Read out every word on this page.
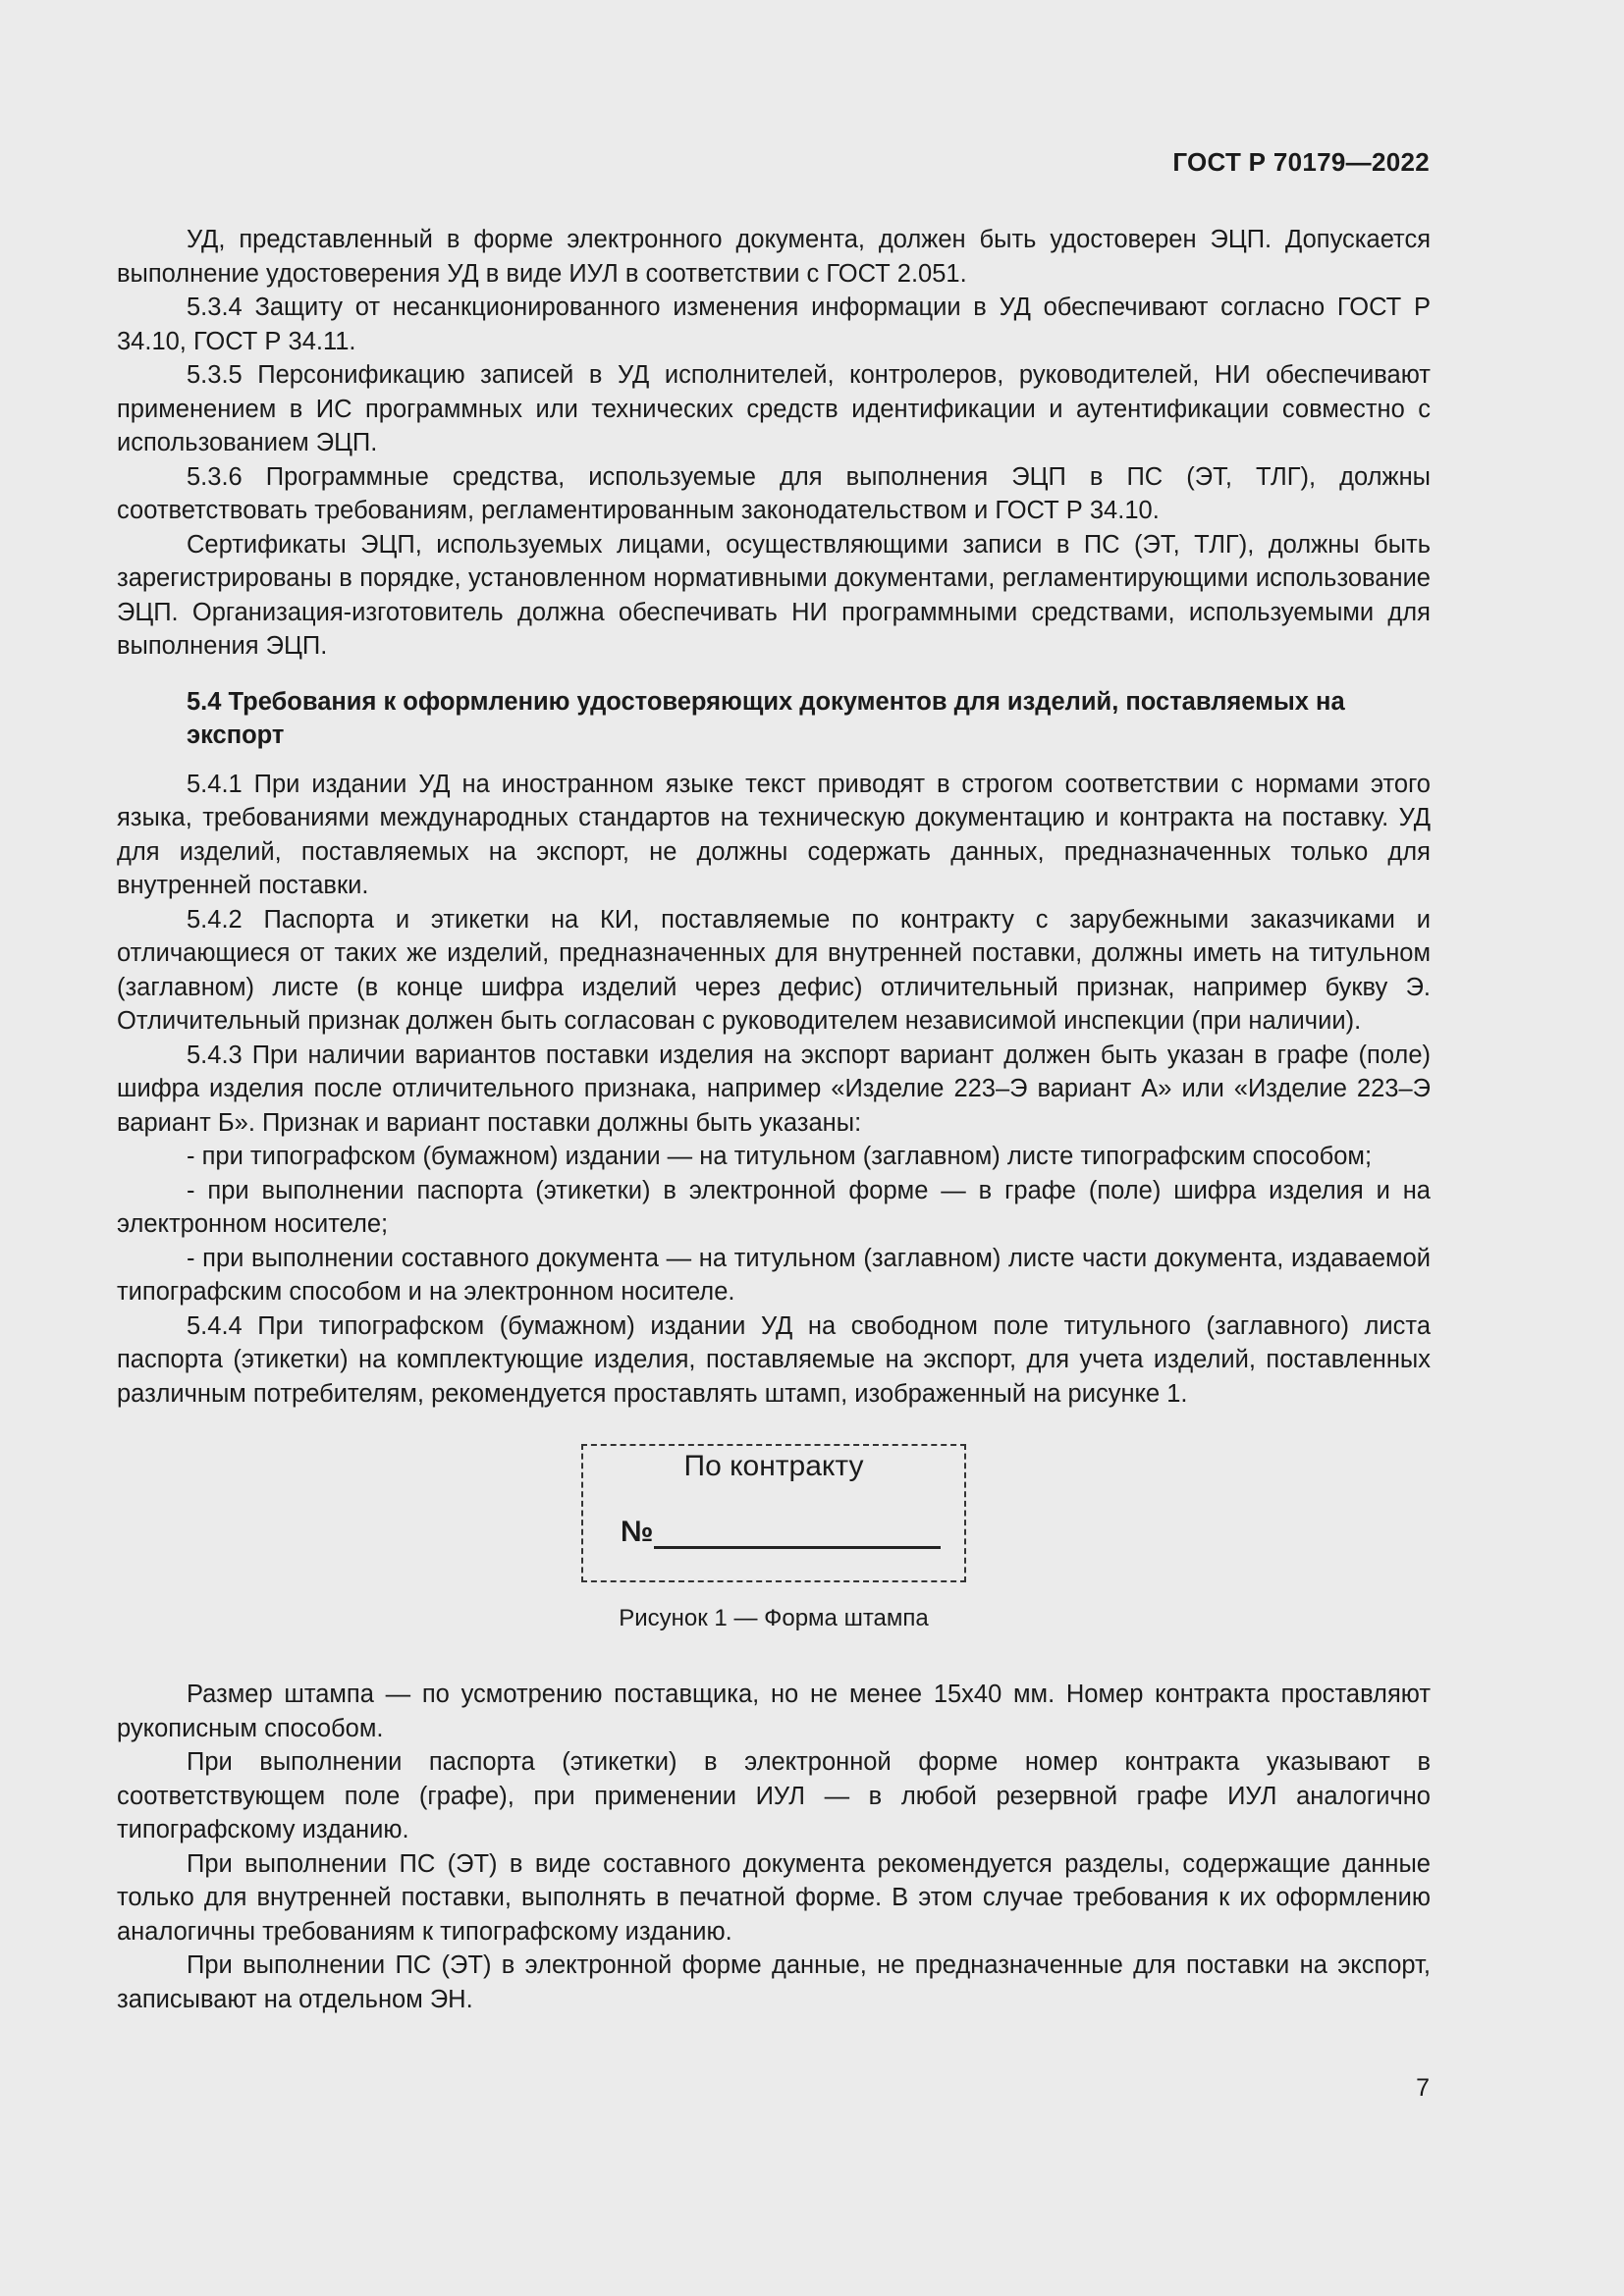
ГОСТ Р 70179—2022

УД, представленный в форме электронного документа, должен быть удостоверен ЭЦП. Допускается выполнение удостоверения УД в виде ИУЛ в соответствии с ГОСТ 2.051.

5.3.4 Защиту от несанкционированного изменения информации в УД обеспечивают согласно ГОСТ Р 34.10, ГОСТ Р 34.11.

5.3.5 Персонификацию записей в УД исполнителей, контролеров, руководителей, НИ обеспечивают применением в ИС программных или технических средств идентификации и аутентификации совместно с использованием ЭЦП.

5.3.6 Программные средства, используемые для выполнения ЭЦП в ПС (ЭТ, ТЛГ), должны соответствовать требованиям, регламентированным законодательством и ГОСТ Р 34.10.

Сертификаты ЭЦП, используемых лицами, осуществляющими записи в ПС (ЭТ, ТЛГ), должны быть зарегистрированы в порядке, установленном нормативными документами, регламентирующими использование ЭЦП. Организация-изготовитель должна обеспечивать НИ программными средствами, используемыми для выполнения ЭЦП.

5.4 Требования к оформлению удостоверяющих документов для изделий, поставляемых на экспорт

5.4.1 При издании УД на иностранном языке текст приводят в строгом соответствии с нормами этого языка, требованиями международных стандартов на техническую документацию и контракта на поставку. УД для изделий, поставляемых на экспорт, не должны содержать данных, предназначенных только для внутренней поставки.

5.4.2 Паспорта и этикетки на КИ, поставляемые по контракту с зарубежными заказчиками и отличающиеся от таких же изделий, предназначенных для внутренней поставки, должны иметь на титульном (заглавном) листе (в конце шифра изделий через дефис) отличительный признак, например букву Э. Отличительный признак должен быть согласован с руководителем независимой инспекции (при наличии).

5.4.3 При наличии вариантов поставки изделия на экспорт вариант должен быть указан в графе (поле) шифра изделия после отличительного признака, например «Изделие 223–Э вариант А» или «Изделие 223–Э вариант Б». Признак и вариант поставки должны быть указаны:

- при типографском (бумажном) издании — на титульном (заглавном) листе типографским способом;

- при выполнении паспорта (этикетки) в электронной форме — в графе (поле) шифра изделия и на электронном носителе;

- при выполнении составного документа — на титульном (заглавном) листе части документа, издаваемой типографским способом и на электронном носителе.

5.4.4 При типографском (бумажном) издании УД на свободном поле титульного (заглавного) листа паспорта (этикетки) на комплектующие изделия, поставляемые на экспорт, для учета изделий, поставленных различным потребителям, рекомендуется проставлять штамп, изображенный на рисунке 1.

По контракту
№
Рисунок 1 — Форма штампа

Размер штампа — по усмотрению поставщика, но не менее 15х40 мм. Номер контракта проставляют рукописным способом.

При выполнении паспорта (этикетки) в электронной форме номер контракта указывают в соответствующем поле (графе), при применении ИУЛ — в любой резервной графе ИУЛ аналогично типографскому изданию.

При выполнении ПС (ЭТ) в виде составного документа рекомендуется разделы, содержащие данные только для внутренней поставки, выполнять в печатной форме. В этом случае требования к их оформлению аналогичны требованиям к типографскому изданию.

При выполнении ПС (ЭТ) в электронной форме данные, не предназначенные для поставки на экспорт, записывают на отдельном ЭН.

7
